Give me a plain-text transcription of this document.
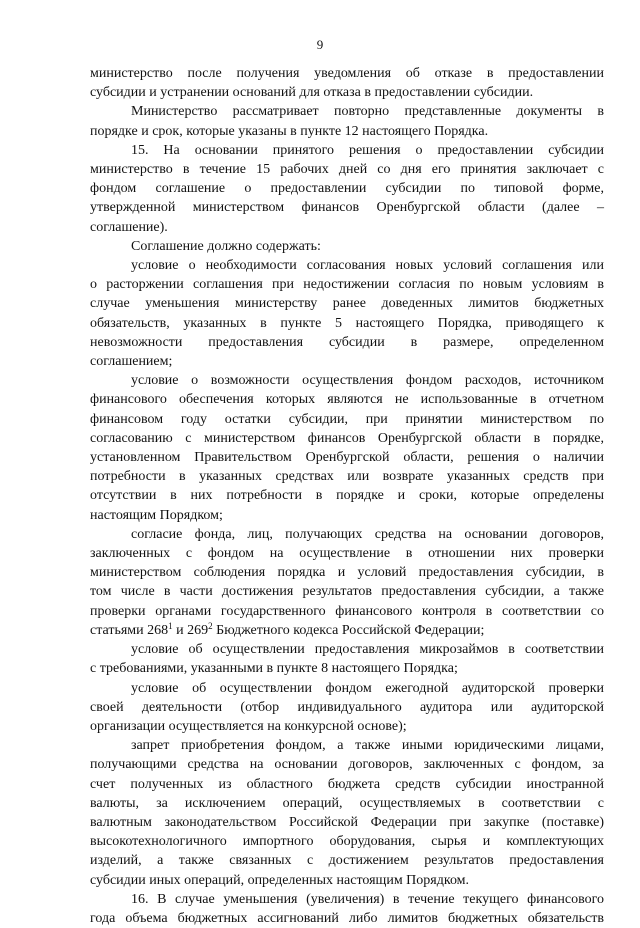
9
министерство после получения уведомления об отказе в предоставлении
субсидии и устранении оснований для отказа в предоставлении субсидии.
Министерство рассматривает повторно представленные документы в
порядке и срок, которые указаны в пункте 12 настоящего Порядка.
15. На основании принятого решения о предоставлении субсидии
министерство в течение 15 рабочих дней со дня его принятия заключает с
фондом соглашение о предоставлении субсидии по типовой форме,
утвержденной министерством финансов Оренбургской области (далее –
соглашение).
Соглашение должно содержать:
условие о необходимости согласования новых условий соглашения или
о расторжении соглашения при недостижении согласия по новым условиям в
случае уменьшения министерству ранее доведенных лимитов бюджетных
обязательств, указанных в пункте 5 настоящего Порядка, приводящего к
невозможности предоставления субсидии в размере, определенном
соглашением;
условие о возможности осуществления фондом расходов, источником
финансового обеспечения которых являются не использованные в отчетном
финансовом году остатки субсидии, при принятии министерством по
согласованию с министерством финансов Оренбургской области в порядке,
установленном Правительством Оренбургской области, решения о наличии
потребности в указанных средствах или возврате указанных средств при
отсутствии в них потребности в порядке и сроки, которые определены
настоящим Порядком;
согласие фонда, лиц, получающих средства на основании договоров,
заключенных с фондом на осуществление в отношении них проверки
министерством соблюдения порядка и условий предоставления субсидии, в
том числе в части достижения результатов предоставления субсидии, а также
проверки органами государственного финансового контроля в соответствии со
статьями $268^1$ и $269^2$ Бюджетного кодекса Российской Федерации;
условие об осуществлении предоставления микрозаймов в соответствии
с требованиями, указанными в пункте 8 настоящего Порядка;
условие об осуществлении фондом ежегодной аудиторской проверки
своей деятельности (отбор индивидуального аудитора или аудиторской
организации осуществляется на конкурсной основе);
запрет приобретения фондом, а также иными юридическими лицами,
получающими средства на основании договоров, заключенных с фондом, за
счет полученных из областного бюджета средств субсидии иностранной
валюты, за исключением операций, осуществляемых в соответствии с
валютным законодательством Российской Федерации при закупке (поставке)
высокотехнологичного импортного оборудования, сырья и комплектующих
изделий, а также связанных с достижением результатов предоставления
субсидии иных операций, определенных настоящим Порядком.
16. В случае уменьшения (увеличения) в течение текущего финансового
года объема бюджетных ассигнований либо лимитов бюджетных обязательств
